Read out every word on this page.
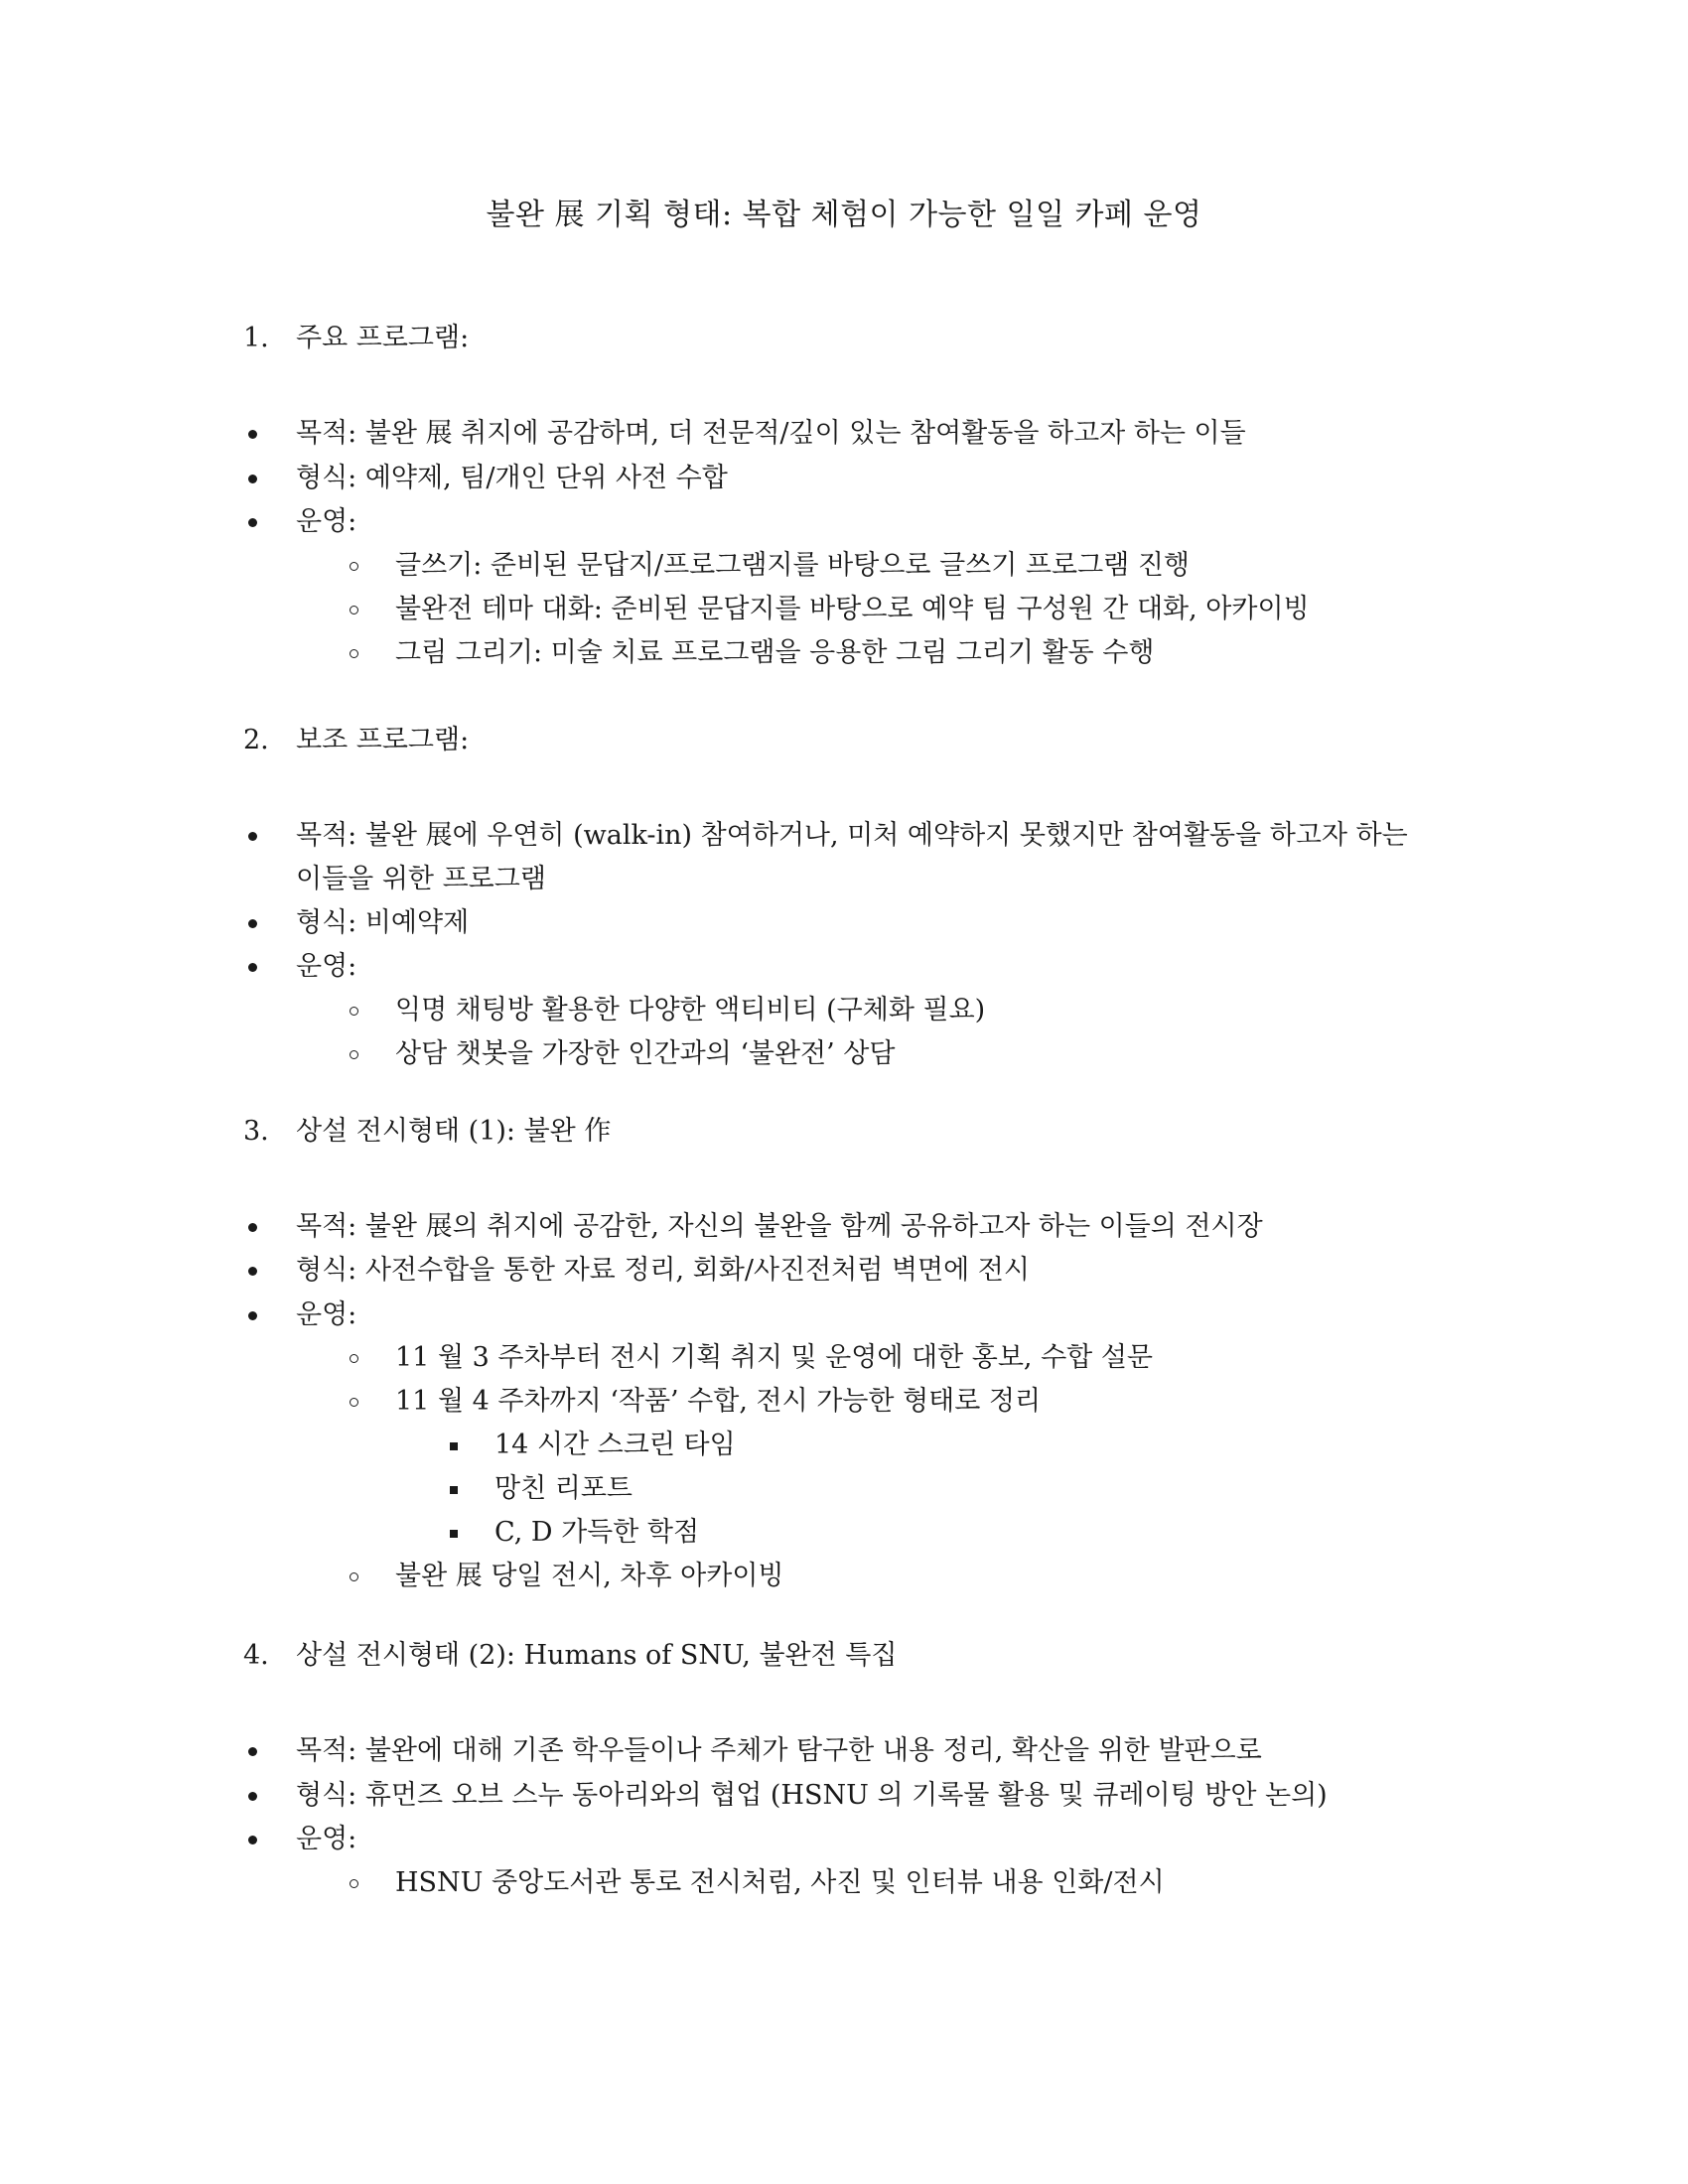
불완 展 기획 형태: 복합 체험이 가능한 일일 카페 운영
1. 주요 프로그램:
목적: 불완 展 취지에 공감하며, 더 전문적/깊이 있는 참여활동을 하고자 하는 이들
형식: 예약제, 팀/개인 단위 사전 수합
운영:
글쓰기: 준비된 문답지/프로그램지를 바탕으로 글쓰기 프로그램 진행
불완전 테마 대화: 준비된 문답지를 바탕으로 예약 팀 구성원 간 대화, 아카이빙
그림 그리기: 미술 치료 프로그램을 응용한 그림 그리기 활동 수행
2. 보조 프로그램:
목적: 불완 展에 우연히 (walk-in) 참여하거나, 미처 예약하지 못했지만 참여활동을 하고자 하는
이들을 위한 프로그램
형식: 비예약제
운영:
익명 채팅방 활용한 다양한 액티비티 (구체화 필요)
상담 챗봇을 가장한 인간과의 ‘불완전’ 상담
3. 상설 전시형태 (1): 불완 作
목적: 불완 展의 취지에 공감한, 자신의 불완을 함께 공유하고자 하는 이들의 전시장
형식: 사전수합을 통한 자료 정리, 회화/사진전처럼 벽면에 전시
운영:
11 월 3 주차부터 전시 기획 취지 및 운영에 대한 홍보, 수합 설문
11 월 4 주차까지 ‘작품’ 수합, 전시 가능한 형태로 정리
14 시간 스크린 타임
망친 리포트
C, D 가득한 학점
불완 展 당일 전시, 차후 아카이빙
4. 상설 전시형태 (2): Humans of SNU, 불완전 특집
목적: 불완에 대해 기존 학우들이나 주체가 탐구한 내용 정리, 확산을 위한 발판으로
형식: 휴먼즈 오브 스누 동아리와의 협업 (HSNU 의 기록물 활용 및 큐레이팅 방안 논의)
운영:
HSNU 중앙도서관 통로 전시처럼, 사진 및 인터뷰 내용 인화/전시
